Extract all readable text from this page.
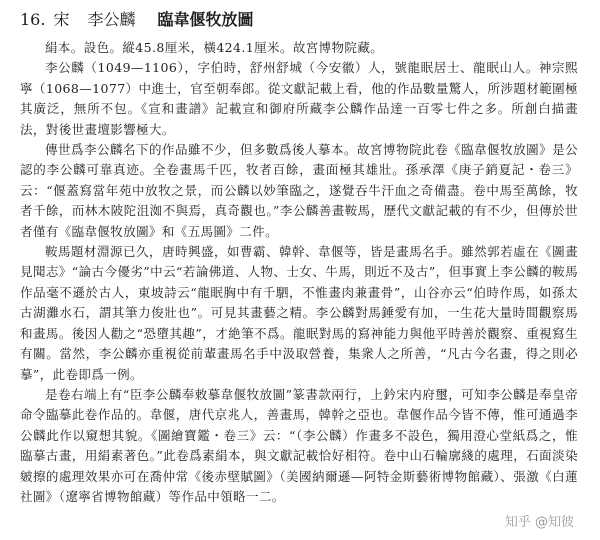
16. 宋 李公麟 臨韋偃牧放圖

絹本。設色。縱45.8厘米，橫424.1厘米。故宮博物院藏。

李公麟（1049—1106），字伯時，舒州舒城（今安徽）人，號龍眠居士、龍眠山人。神宗熙寧（1068—1077）中進士，官至朝奉郎。從文獻記載上看，他的作品數量驚人，所涉題材範圍極其廣泛，無所不包。《宣和畫譜》記載宣和御府所藏李公麟作品達一百零七件之多。所創白描畫法，對後世畫壇影響極大。

傳世爲李公麟名下的作品雖不少，但多數爲後人摹本。故宮博物院此卷《臨韋偃牧放圖》是公認的李公麟可靠真迹。全卷畫馬千匹，牧者百餘，畫面極其雄壯。孫承澤《庚子銷夏記・卷三》云：“偃蓋寫當年苑中放牧之景，而公麟以妙筆臨之，遂覺吞牛汗血之奇備盡。卷中馬至萬餘，牧者千餘，而林木陂陀沮洳不與焉，真奇觀也。”李公麟善畫鞍馬，歷代文獻記載的有不少，但傳於世者僅有《臨韋偃牧放圖》和《五馬圖》二件。

鞍馬題材淵源已久，唐時興盛，如曹霸、韓幹、韋偃等，皆是畫馬名手。雖然郭若虛在《圖畫見聞志》“論古今優劣”中云“若論佛道、人物、士女、牛馬，則近不及古”，但事實上李公麟的鞍馬作品毫不遜於古人，東坡詩云“龍眠胸中有千駟，不惟畫肉兼畫骨”，山谷亦云“伯時作馬，如孫太古湖灘水石，謂其筆力俊壯也”。可見其畫藝之精。李公麟對馬錘愛有加，一生花大量時間觀察馬和畫馬。後因人勸之“恐墮其趣”，才絶筆不爲。龍眠對馬的寫神能力與他平時善於觀察、重視寫生有關。當然，李公麟亦重視從前輩畫馬名手中汲取營養，集衆人之所善，“凡古今名畫，得之則必摹”，此卷即爲一例。

是卷右端上有“臣李公麟奉敕摹韋偃牧放圖”篆書款兩行，上鈐宋内府璽，可知李公麟是奉皇帝命令臨摹此卷作品的。韋偃，唐代京兆人，善畫馬，韓幹之亞也。韋偃作品今皆不傳，惟可通過李公麟此作以窺想其貌。《圖繪寶鑑・卷三》云：“（李公麟）作畫多不設色，獨用澄心堂紙爲之，惟臨摹古畫，用絹素著色。”此卷爲素絹本，與文獻記載恰好相符。卷中山石輪廓綫的處理，石面淡染皴擦的處理效果亦可在喬仲常《後赤壁賦圖》（美國納爾遜—阿特金斯藝術博物館藏）、張激《白蓮社圖》（遼寧省博物館藏）等作品中領略一二。

知乎 @知彼
